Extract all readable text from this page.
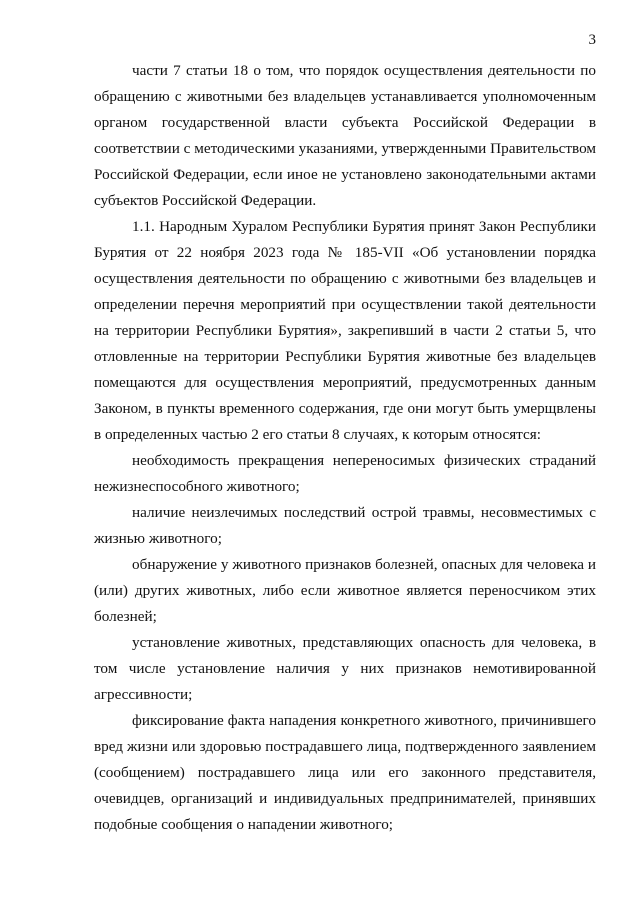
3

части 7 статьи 18 о том, что порядок осуществления деятельности по обращению с животными без владельцев устанавливается уполномоченным органом государственной власти субъекта Российской Федерации в соответствии с методическими указаниями, утвержденными Правительством Российской Федерации, если иное не установлено законодательными актами субъектов Российской Федерации.

1.1. Народным Хуралом Республики Бурятия принят Закон Республики Бурятия от 22 ноября 2023 года № 185-VII «Об установлении порядка осуществления деятельности по обращению с животными без владельцев и определении перечня мероприятий при осуществлении такой деятельности на территории Республики Бурятия», закрепивший в части 2 статьи 5, что отловленные на территории Республики Бурятия животные без владельцев помещаются для осуществления мероприятий, предусмотренных данным Законом, в пункты временного содержания, где они могут быть умерщвлены в определенных частью 2 его статьи 8 случаях, к которым относятся:

необходимость прекращения непереносимых физических страданий нежизнеспособного животного;

наличие неизлечимых последствий острой травмы, несовместимых с жизнью животного;

обнаружение у животного признаков болезней, опасных для человека и (или) других животных, либо если животное является переносчиком этих болезней;

установление животных, представляющих опасность для человека, в том числе установление наличия у них признаков немотивированной агрессивности;

фиксирование факта нападения конкретного животного, причинившего вред жизни или здоровью пострадавшего лица, подтвержденного заявлением (сообщением) пострадавшего лица или его законного представителя, очевидцев, организаций и индивидуальных предпринимателей, принявших подобные сообщения о нападении животного;
